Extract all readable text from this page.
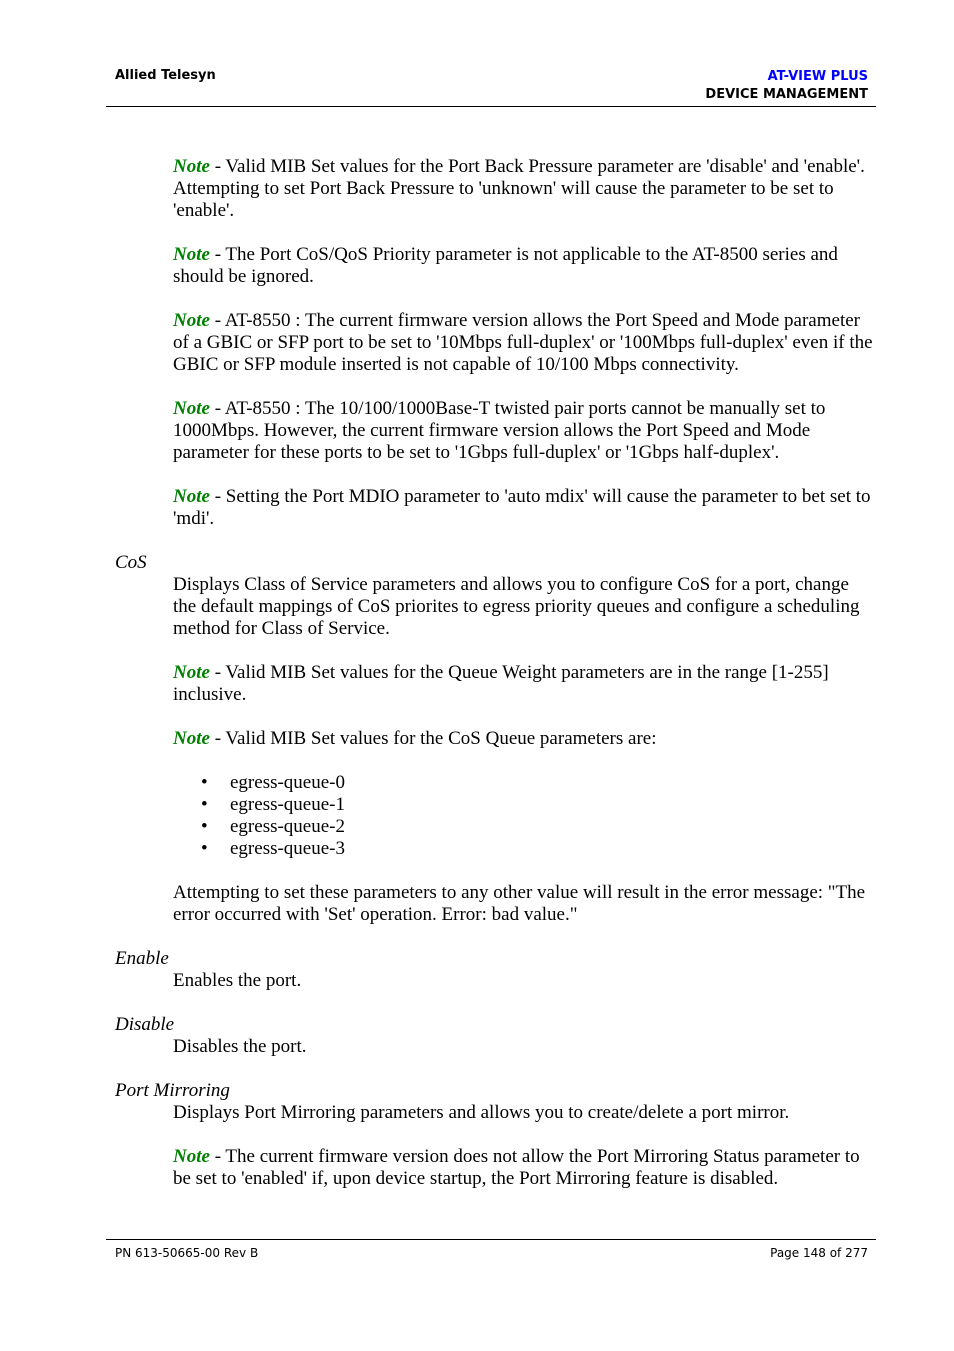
Allied Telesyn	AT-VIEW PLUS
DEVICE MANAGEMENT

Note - Valid MIB Set values for the Port Back Pressure parameter are 'disable' and 'enable'. Attempting to set Port Back Pressure to 'unknown' will cause the parameter to be set to 'enable'.

Note - The Port CoS/QoS Priority parameter is not applicable to the AT-8500 series and should be ignored.

Note - AT-8550 : The current firmware version allows the Port Speed and Mode parameter of a GBIC or SFP port to be set to '10Mbps full-duplex' or '100Mbps full-duplex' even if the GBIC or SFP module inserted is not capable of 10/100 Mbps connectivity.

Note - AT-8550 : The 10/100/1000Base-T twisted pair ports cannot be manually set to 1000Mbps. However, the current firmware version allows the Port Speed and Mode parameter for these ports to be set to '1Gbps full-duplex' or '1Gbps half-duplex'.

Note - Setting the Port MDIO parameter to 'auto mdix' will cause the parameter to bet set to 'mdi'.

CoS

Displays Class of Service parameters and allows you to configure CoS for a port, change the default mappings of CoS priorites to egress priority queues and configure a scheduling method for Class of Service.

Note - Valid MIB Set values for the Queue Weight parameters are in the range [1-255] inclusive.

Note - Valid MIB Set values for the CoS Queue parameters are:

• egress-queue-0
• egress-queue-1
• egress-queue-2
• egress-queue-3

Attempting to set these parameters to any other value will result in the error message: "The error occurred with 'Set' operation. Error: bad value."

Enable

Enables the port.

Disable

Disables the port.

Port Mirroring

Displays Port Mirroring parameters and allows you to create/delete a port mirror.

Note - The current firmware version does not allow the Port Mirroring Status parameter to be set to 'enabled' if, upon device startup, the Port Mirroring feature is disabled.

PN 613-50665-00 Rev B	Page 148 of 277
